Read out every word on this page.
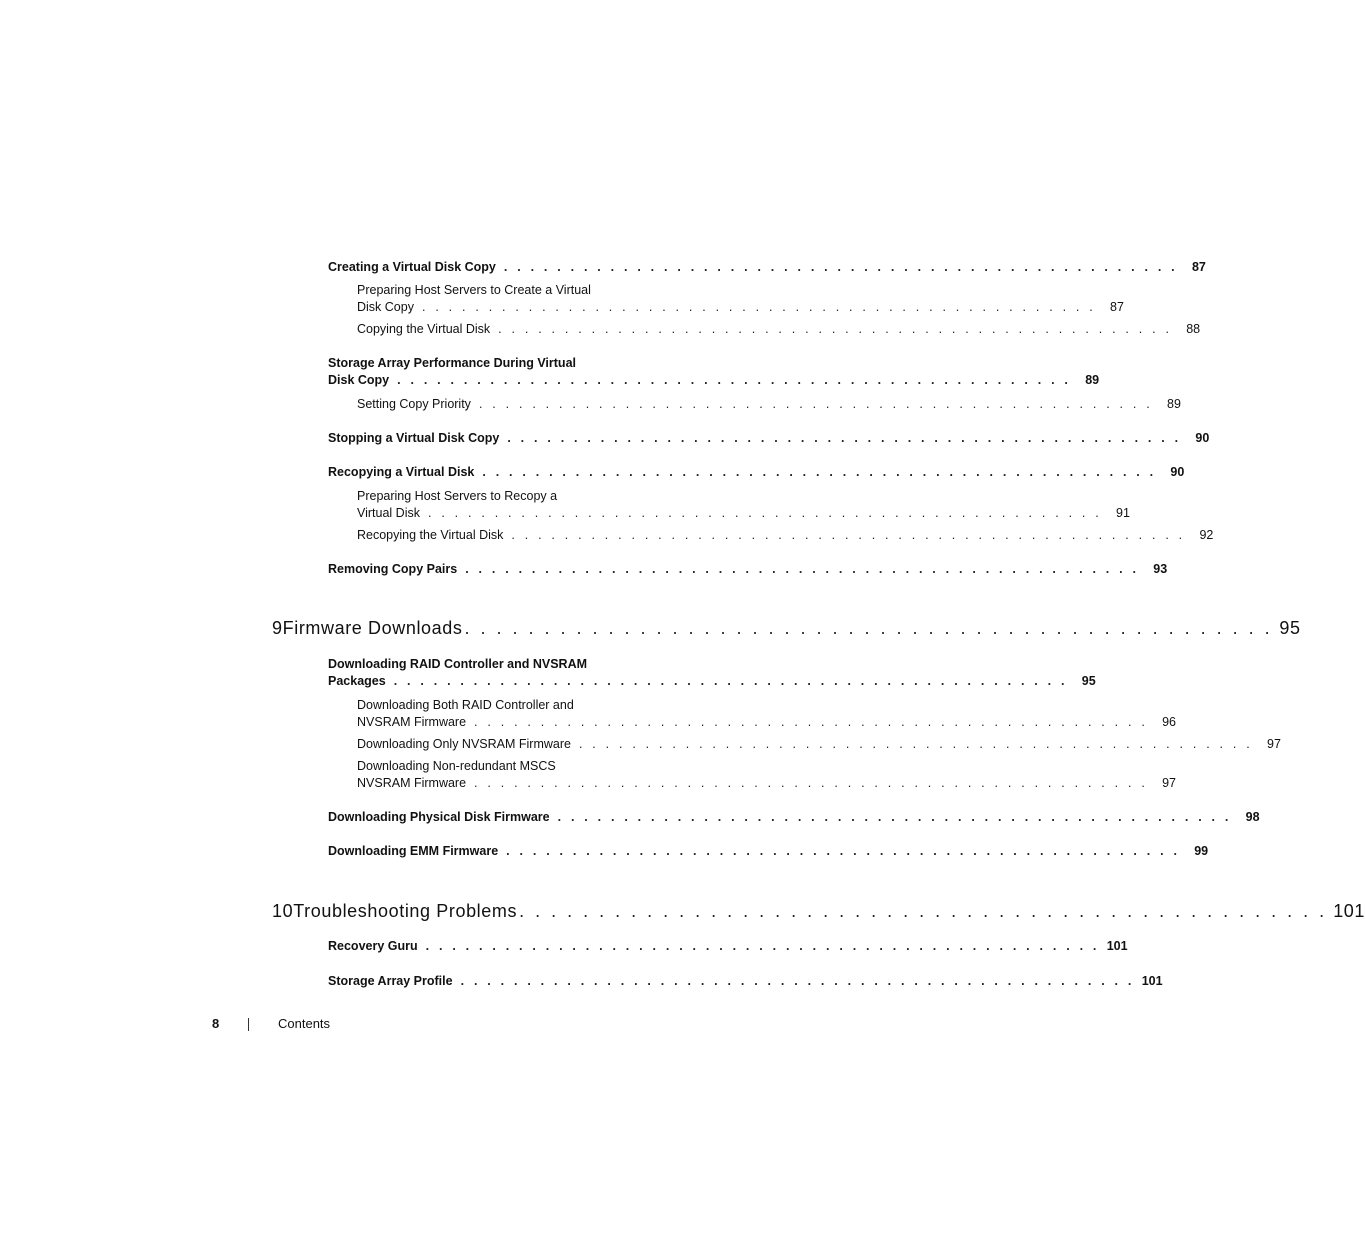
Creating a Virtual Disk Copy . . . . . . . . . . . . . . . . . . . . . . . . . . . . . . . . . . . . . . . . . . . . . . . . . . .	87
Preparing Host Servers to Create a Virtual
Disk Copy . . . . . . . . . . . . . . . . . . . . . . . . . . . . . . . . . . . . . . . . . . . . . . . . . . .	87
Copying the Virtual Disk . . . . . . . . . . . . . . . . . . . . . . . . . . . . . . . . . . . . . . . . . . . . . . . . . . .	88
Storage Array Performance During Virtual
Disk Copy . . . . . . . . . . . . . . . . . . . . . . . . . . . . . . . . . . . . . . . . . . . . . . . . . . .	89
Setting Copy Priority . . . . . . . . . . . . . . . . . . . . . . . . . . . . . . . . . . . . . . . . . . . . . . . . . . .	89
Stopping a Virtual Disk Copy . . . . . . . . . . . . . . . . . . . . . . . . . . . . . . . . . . . . . . . . . . . . . . . . . . .	90
Recopying a Virtual Disk . . . . . . . . . . . . . . . . . . . . . . . . . . . . . . . . . . . . . . . . . . . . . . . . . . .	90
Preparing Host Servers to Recopy a
Virtual Disk . . . . . . . . . . . . . . . . . . . . . . . . . . . . . . . . . . . . . . . . . . . . . . . . . . .	91
Recopying the Virtual Disk . . . . . . . . . . . . . . . . . . . . . . . . . . . . . . . . . . . . . . . . . . . . . . . . . . .	92
Removing Copy Pairs . . . . . . . . . . . . . . . . . . . . . . . . . . . . . . . . . . . . . . . . . . . . . . . . . . .	93
9 Firmware Downloads . . . . . . . . . . . . . . . . . . . . . . . . . . . . . . . . . . . . . . . . . . . . . . . . . . . 95
Downloading RAID Controller and NVSRAM
Packages . . . . . . . . . . . . . . . . . . . . . . . . . . . . . . . . . . . . . . . . . . . . . . . . . . .	95
Downloading Both RAID Controller and
NVSRAM Firmware . . . . . . . . . . . . . . . . . . . . . . . . . . . . . . . . . . . . . . . . . . . . . . . . . . .	96
Downloading Only NVSRAM Firmware . . . . . . . . . . . . . . . . . . . . . . . . . . . . . . . . . . . . . . . . . . . . . . . . . . .	97
Downloading Non-redundant MSCS
NVSRAM Firmware . . . . . . . . . . . . . . . . . . . . . . . . . . . . . . . . . . . . . . . . . . . . . . . . . . .	97
Downloading Physical Disk Firmware . . . . . . . . . . . . . . . . . . . . . . . . . . . . . . . . . . . . . . . . . . . . . . . . . . .	98
Downloading EMM Firmware . . . . . . . . . . . . . . . . . . . . . . . . . . . . . . . . . . . . . . . . . . . . . . . . . . .	99
10 Troubleshooting Problems . . . . . . . . . . . . . . . . . . . . . . . . . . . . . . . . . . . . . . . . . . . . . . . . . . . 101
Recovery Guru . . . . . . . . . . . . . . . . . . . . . . . . . . . . . . . . . . . . . . . . . . . . . . . . . . . 101
Storage Array Profile . . . . . . . . . . . . . . . . . . . . . . . . . . . . . . . . . . . . . . . . . . . . . . . . . . . 101
8	Contents
